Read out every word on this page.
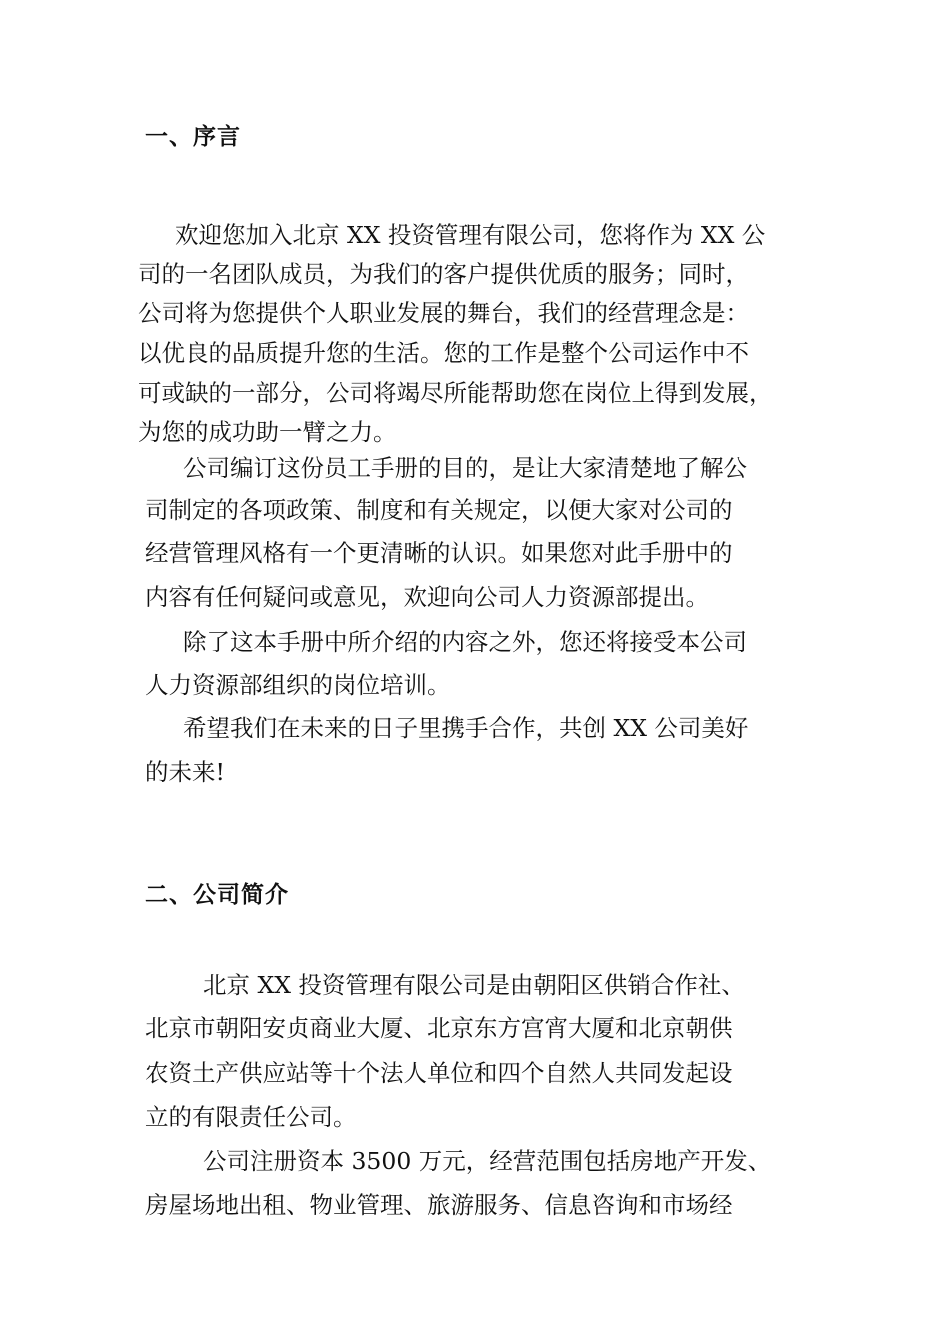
一、序言

欢迎您加入北京 XX 投资管理有限公司，您将作为 XX 公

司的一名团队成员，为我们的客户提供优质的服务；同时，

公司将为您提供个人职业发展的舞台，我们的经营理念是：

以优良的品质提升您的生活。您的工作是整个公司运作中不

可或缺的一部分，公司将竭尽所能帮助您在岗位上得到发展，

为您的成功助一臂之力。

公司编订这份员工手册的目的，是让大家清楚地了解公

司制定的各项政策、制度和有关规定，以便大家对公司的

经营管理风格有一个更清晰的认识。如果您对此手册中的

内容有任何疑问或意见，欢迎向公司人力资源部提出。

除了这本手册中所介绍的内容之外，您还将接受本公司

人力资源部组织的岗位培训。

希望我们在未来的日子里携手合作，共创 XX 公司美好

的未来!

二、公司简介

北京 XX 投资管理有限公司是由朝阳区供销合作社、

北京市朝阳安贞商业大厦、北京东方宫宵大厦和北京朝供

农资土产供应站等十个法人单位和四个自然人共同发起设

立的有限责任公司。

公司注册资本 3500 万元，经营范围包括房地产开发、

房屋场地出租、物业管理、旅游服务、信息咨询和市场经
